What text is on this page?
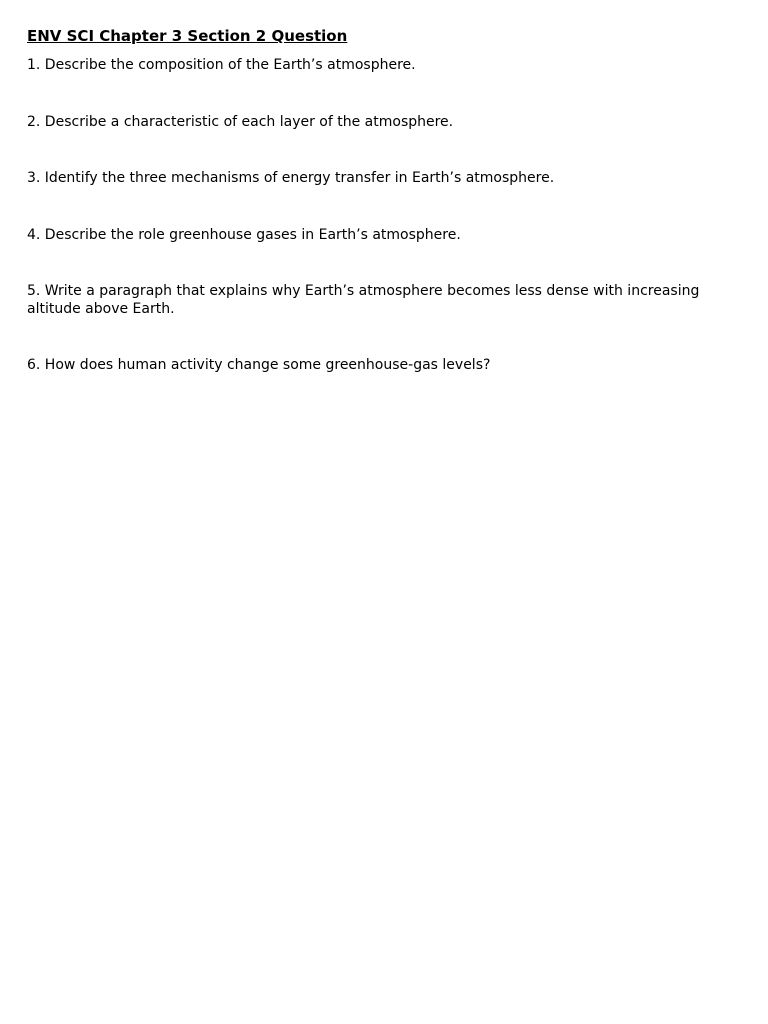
ENV SCI Chapter 3 Section 2 Question

1. Describe the composition of the Earth’s atmosphere.

2. Describe a characteristic of each layer of the atmosphere.

3. Identify the three mechanisms of energy transfer in Earth’s atmosphere.

4. Describe the role greenhouse gases in Earth’s atmosphere.

5. Write a paragraph that explains why Earth’s atmosphere becomes less dense with increasing altitude above Earth.

6. How does human activity change some greenhouse-gas levels?
